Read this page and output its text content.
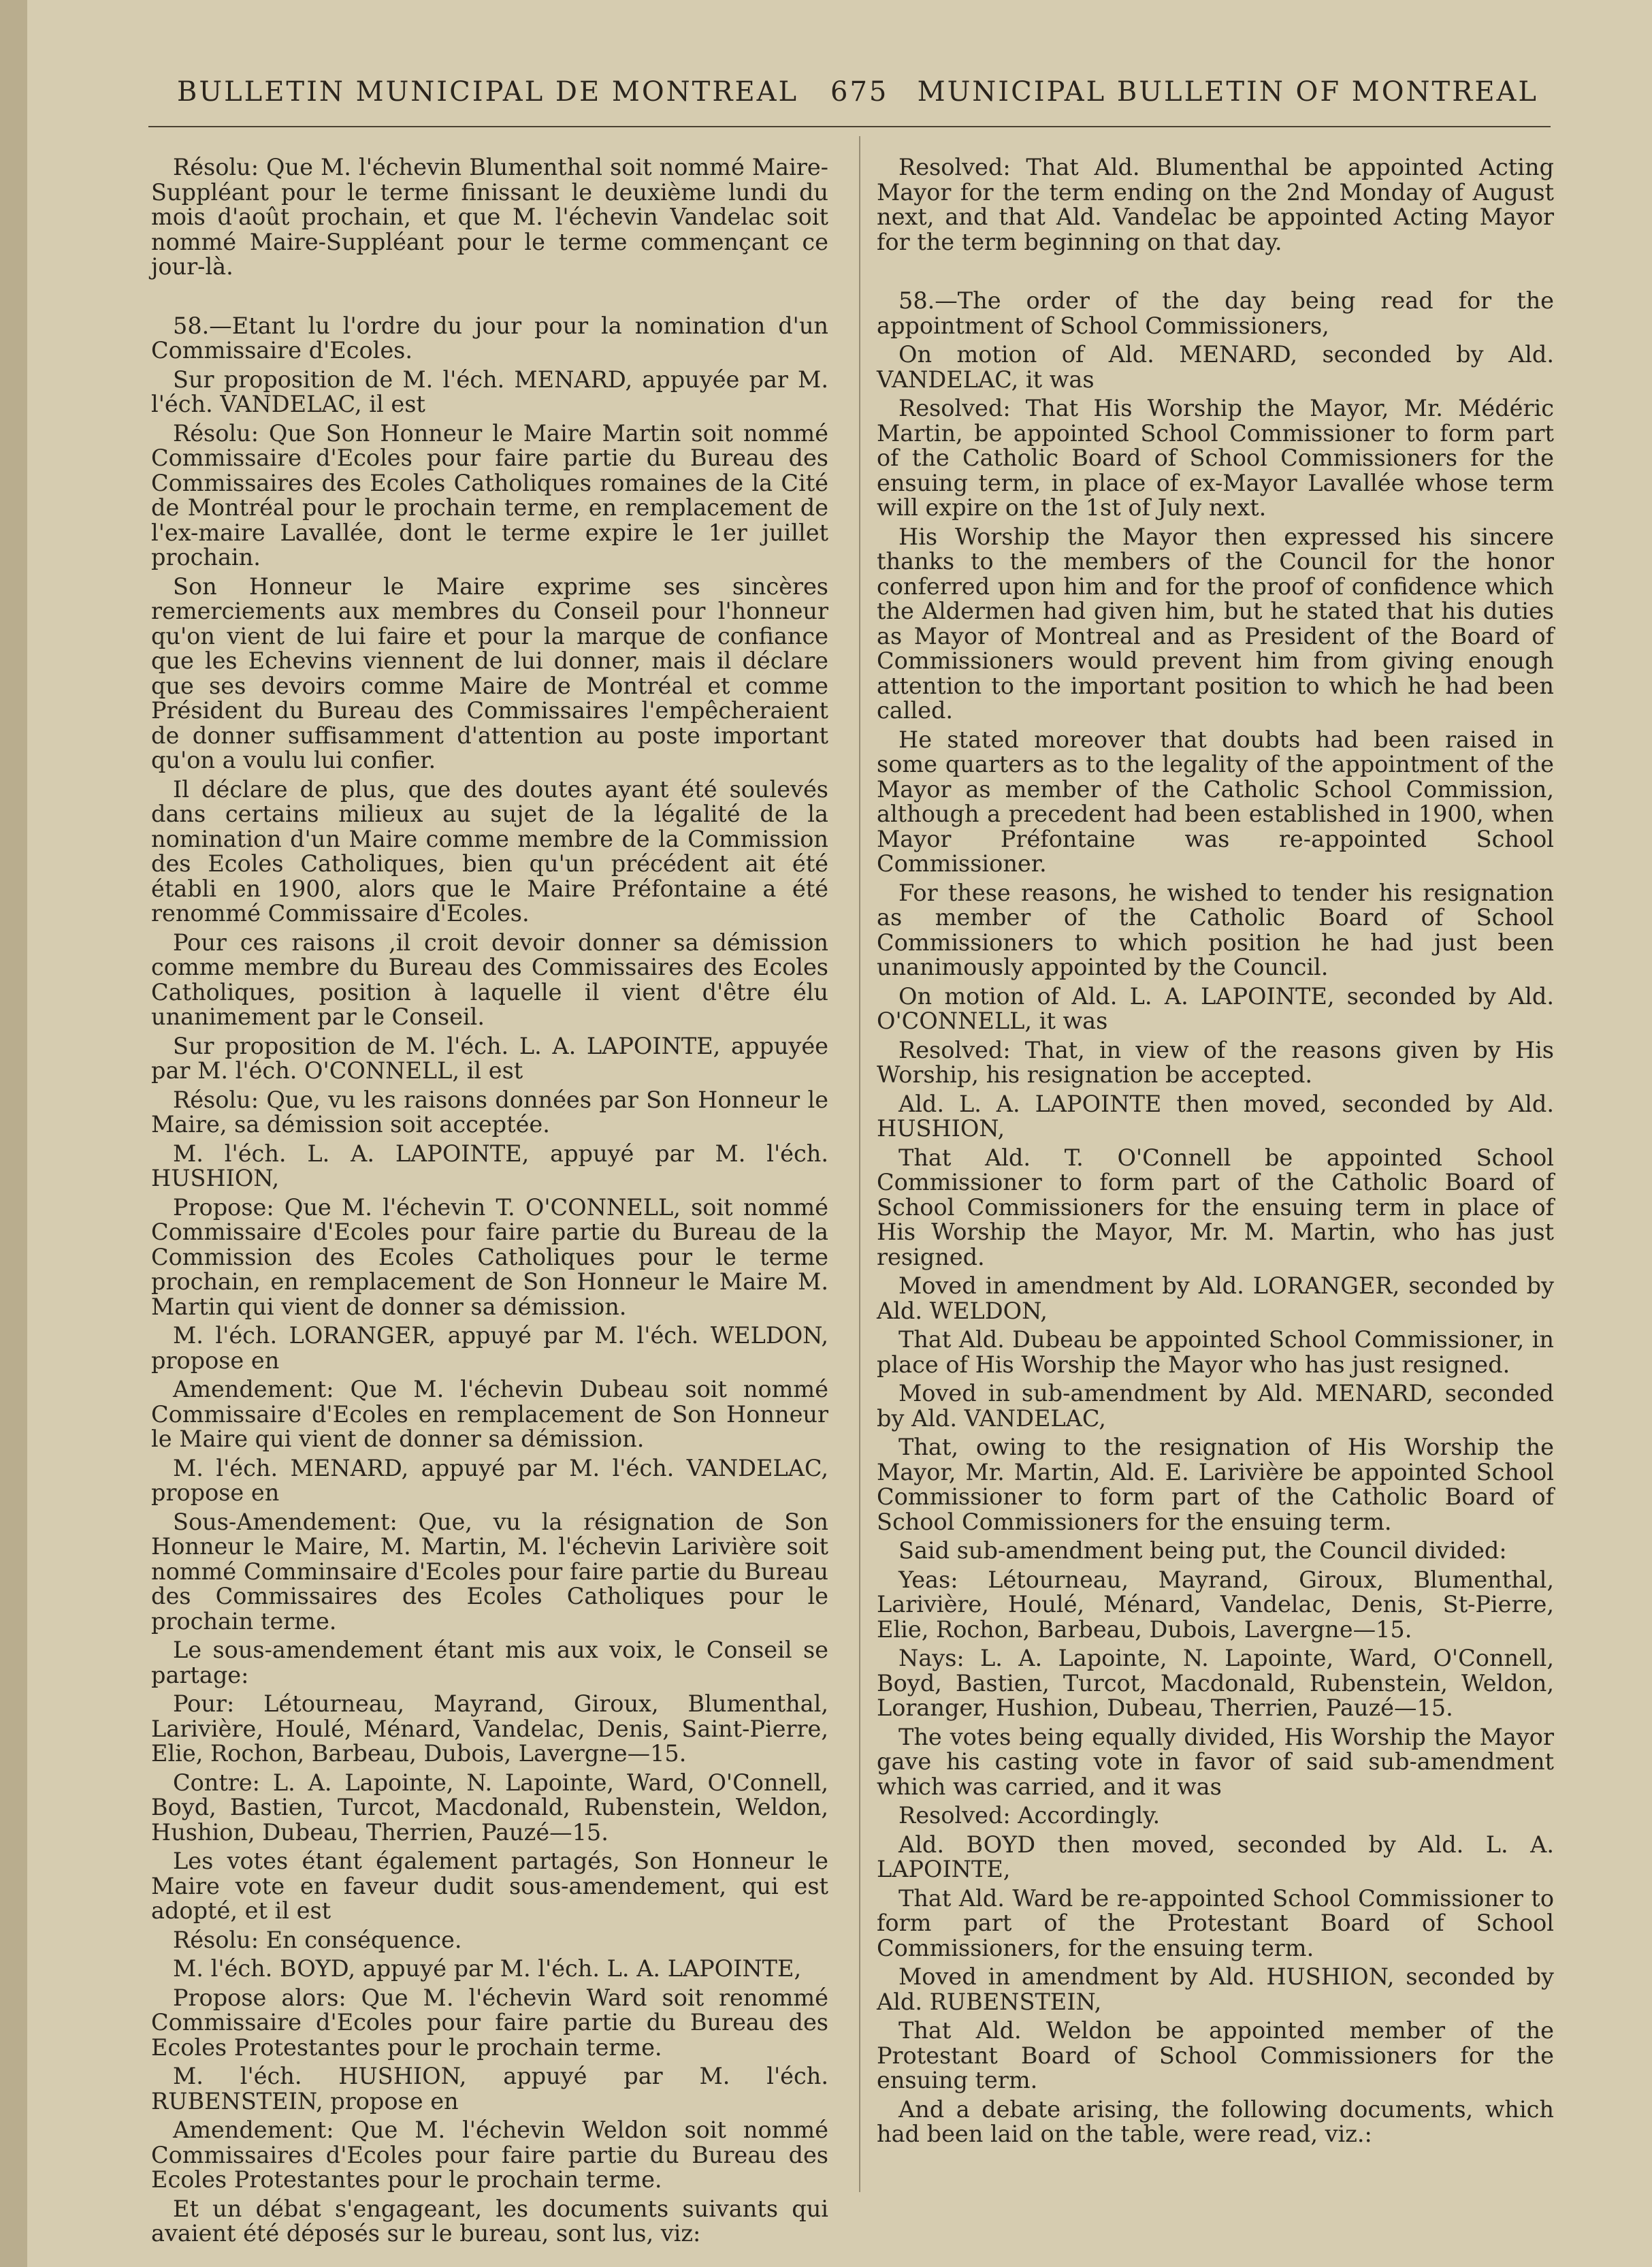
BULLETIN MUNICIPAL DE MONTREAL 675 MUNICIPAL BULLETIN OF MONTREAL

Résolu: Que M. l'échevin Blumenthal soit nommé Maire-Suppléant pour le terme finissant le deuxième lundi du mois d'août prochain, et que M. l'échevin Vandelac soit nommé Maire-Suppléant pour le terme commençant ce jour-là.

58.—Etant lu l'ordre du jour pour la nomination d'un Commissaire d'Ecoles.

Sur proposition de M. l'éch. MENARD, appuyée par M. l'éch. VANDELAC, il est

Résolu: Que Son Honneur le Maire Martin soit nommé Commissaire d'Ecoles pour faire partie du Bureau des Commissaires des Ecoles Catholiques romaines de la Cité de Montréal pour le prochain terme, en remplacement de l'ex-maire Lavallée, dont le terme expire le 1er juillet prochain.

Son Honneur le Maire exprime ses sincères remerciements aux membres du Conseil pour l'honneur qu'on vient de lui faire et pour la marque de confiance que les Echevins viennent de lui donner, mais il déclare que ses devoirs comme Maire de Montréal et comme Président du Bureau des Commissaires l'empêcheraient de donner suffisamment d'attention au poste important qu'on a voulu lui confier.

Il déclare de plus, que des doutes ayant été soulevés dans certains milieux au sujet de la légalité de la nomination d'un Maire comme membre de la Commission des Ecoles Catholiques, bien qu'un précédent ait été établi en 1900, alors que le Maire Préfontaine a été renommé Commissaire d'Ecoles.

Pour ces raisons ,il croit devoir donner sa démission comme membre du Bureau des Commissaires des Ecoles Catholiques, position à laquelle il vient d'être élu unanimement par le Conseil.

Sur proposition de M. l'éch. L. A. LAPOINTE, appuyée par M. l'éch. O'CONNELL, il est

Résolu: Que, vu les raisons données par Son Honneur le Maire, sa démission soit acceptée.

M. l'éch. L. A. LAPOINTE, appuyé par M. l'éch. HUSHION,

Propose: Que M. l'échevin T. O'CONNELL, soit nommé Commissaire d'Ecoles pour faire partie du Bureau de la Commission des Ecoles Catholiques pour le terme prochain, en remplacement de Son Honneur le Maire M. Martin qui vient de donner sa démission.

M. l'éch. LORANGER, appuyé par M. l'éch. WELDON, propose en

Amendement: Que M. l'échevin Dubeau soit nommé Commissaire d'Ecoles en remplacement de Son Honneur le Maire qui vient de donner sa démission.

M. l'éch. MENARD, appuyé par M. l'éch. VANDELAC, propose en

Sous-Amendement: Que, vu la résignation de Son Honneur le Maire, M. Martin, M. l'échevin Larivière soit nommé Comminsaire d'Ecoles pour faire partie du Bureau des Commissaires des Ecoles Catholiques pour le prochain terme.

Le sous-amendement étant mis aux voix, le Conseil se partage:

Pour: Létourneau, Mayrand, Giroux, Blumenthal, Larivière, Houlé, Ménard, Vandelac, Denis, Saint-Pierre, Elie, Rochon, Barbeau, Dubois, Lavergne—15.

Contre: L. A. Lapointe, N. Lapointe, Ward, O'Connell, Boyd, Bastien, Turcot, Macdonald, Rubenstein, Weldon, Hushion, Dubeau, Therrien, Pauzé—15.

Les votes étant également partagés, Son Honneur le Maire vote en faveur dudit sous-amendement, qui est adopté, et il est

Résolu: En conséquence.

M. l'éch. BOYD, appuyé par M. l'éch. L. A. LAPOINTE,

Propose alors: Que M. l'échevin Ward soit renommé Commissaire d'Ecoles pour faire partie du Bureau des Ecoles Protestantes pour le prochain terme.

M. l'éch. HUSHION, appuyé par M. l'éch. RUBENSTEIN, propose en

Amendement: Que M. l'échevin Weldon soit nommé Commissaires d'Ecoles pour faire partie du Bureau des Ecoles Protestantes pour le prochain terme.

Et un débat s'engageant, les documents suivants qui avaient été déposés sur le bureau, sont lus, viz:

Resolved: That Ald. Blumenthal be appointed Acting Mayor for the term ending on the 2nd Monday of August next, and that Ald. Vandelac be appointed Acting Mayor for the term beginning on that day.

58.—The order of the day being read for the appointment of School Commissioners,

On motion of Ald. MENARD, seconded by Ald. VANDELAC, it was

Resolved: That His Worship the Mayor, Mr. Médéric Martin, be appointed School Commissioner to form part of the Catholic Board of School Commissioners for the ensuing term, in place of ex-Mayor Lavallée whose term will expire on the 1st of July next.

His Worship the Mayor then expressed his sincere thanks to the members of the Council for the honor conferred upon him and for the proof of confidence which the Aldermen had given him, but he stated that his duties as Mayor of Montreal and as President of the Board of Commissioners would prevent him from giving enough attention to the important position to which he had been called.

He stated moreover that doubts had been raised in some quarters as to the legality of the appointment of the Mayor as member of the Catholic School Commission, although a precedent had been established in 1900, when Mayor Préfontaine was re-appointed School Commissioner.

For these reasons, he wished to tender his resignation as member of the Catholic Board of School Commissioners to which position he had just been unanimously appointed by the Council.

On motion of Ald. L. A. LAPOINTE, seconded by Ald. O'CONNELL, it was

Resolved: That, in view of the reasons given by His Worship, his resignation be accepted.

Ald. L. A. LAPOINTE then moved, seconded by Ald. HUSHION,

That Ald. T. O'Connell be appointed School Commissioner to form part of the Catholic Board of School Commissioners for the ensuing term in place of His Worship the Mayor, Mr. M. Martin, who has just resigned.

Moved in amendment by Ald. LORANGER, seconded by Ald. WELDON,

That Ald. Dubeau be appointed School Commissioner, in place of His Worship the Mayor who has just resigned.

Moved in sub-amendment by Ald. MENARD, seconded by Ald. VANDELAC,

That, owing to the resignation of His Worship the Mayor, Mr. Martin, Ald. E. Larivière be appointed School Commissioner to form part of the Catholic Board of School Commissioners for the ensuing term.

Said sub-amendment being put, the Council divided:

Yeas: Létourneau, Mayrand, Giroux, Blumenthal, Larivière, Houlé, Ménard, Vandelac, Denis, St-Pierre, Elie, Rochon, Barbeau, Dubois, Lavergne—15.

Nays: L. A. Lapointe, N. Lapointe, Ward, O'Connell, Boyd, Bastien, Turcot, Macdonald, Rubenstein, Weldon, Loranger, Hushion, Dubeau, Therrien, Pauzé—15.

The votes being equally divided, His Worship the Mayor gave his casting vote in favor of said sub-amendment which was carried, and it was

Resolved: Accordingly.

Ald. BOYD then moved, seconded by Ald. L. A. LAPOINTE,

That Ald. Ward be re-appointed School Commissioner to form part of the Protestant Board of School Commissioners, for the ensuing term.

Moved in amendment by Ald. HUSHION, seconded by Ald. RUBENSTEIN,

That Ald. Weldon be appointed member of the Protestant Board of School Commissioners for the ensuing term.

And a debate arising, the following documents, which had been laid on the table, were read, viz.:
